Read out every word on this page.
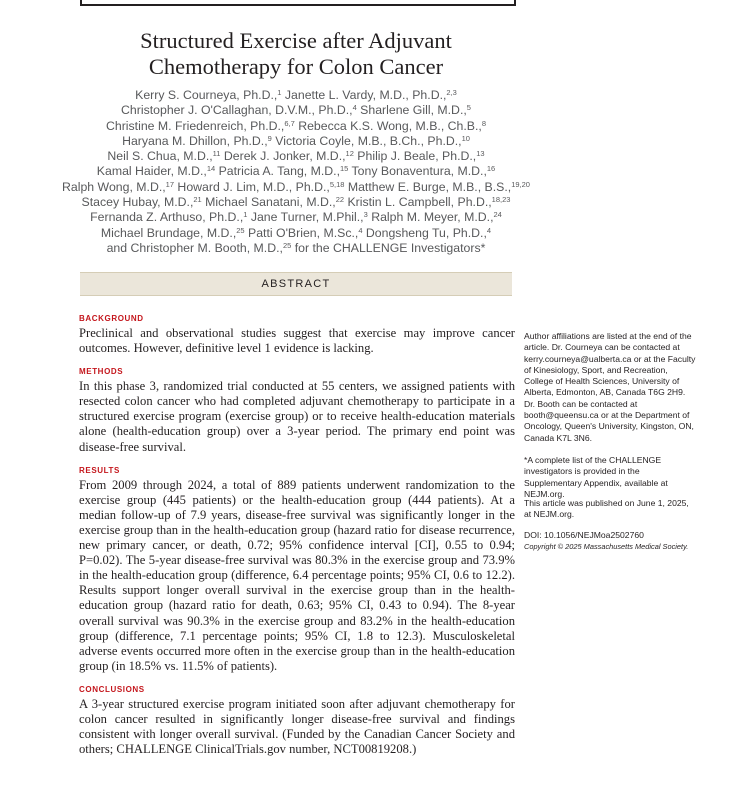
Structured Exercise after Adjuvant
Chemotherapy for Colon Cancer
Kerry S. Courneya, Ph.D.,$^1$ Janette L. Vardy, M.D., Ph.D.,$^{2,3}$
Christopher J. O'Callaghan, D.V.M., Ph.D.,$^4$ Sharlene Gill, M.D.,$^5$
Christine M. Friedenreich, Ph.D.,$^{6,7}$ Rebecca K.S. Wong, M.B., Ch.B.,$^8$
Haryana M. Dhillon, Ph.D.,$^9$ Victoria Coyle, M.B., B.Ch., Ph.D.,$^{10}$
Neil S. Chua, M.D.,$^{11}$ Derek J. Jonker, M.D.,$^{12}$ Philip J. Beale, Ph.D.,$^{13}$
Kamal Haider, M.D.,$^{14}$ Patricia A. Tang, M.D.,$^{15}$ Tony Bonaventura, M.D.,$^{16}$
Ralph Wong, M.D.,$^{17}$ Howard J. Lim, M.D., Ph.D.,$^{5,18}$ Matthew E. Burge, M.B., B.S.,$^{19,20}$
Stacey Hubay, M.D.,$^{21}$ Michael Sanatani, M.D.,$^{22}$ Kristin L. Campbell, Ph.D.,$^{18,23}$
Fernanda Z. Arthuso, Ph.D.,$^1$ Jane Turner, M.Phil.,$^3$ Ralph M. Meyer, M.D.,$^{24}$
Michael Brundage, M.D.,$^{25}$ Patti O'Brien, M.Sc.,$^4$ Dongsheng Tu, Ph.D.,$^4$
and Christopher M. Booth, M.D.,$^{25}$ for the CHALLENGE Investigators*
ABSTRACT
BACKGROUND
Preclinical and observational studies suggest that exercise may improve cancer outcomes. However, definitive level 1 evidence is lacking.
METHODS
In this phase 3, randomized trial conducted at 55 centers, we assigned patients with resected colon cancer who had completed adjuvant chemotherapy to participate in a structured exercise program (exercise group) or to receive health-education materials alone (health-education group) over a 3-year period. The primary end point was disease-free survival.
RESULTS
From 2009 through 2024, a total of 889 patients underwent randomization to the exercise group (445 patients) or the health-education group (444 patients). At a median follow-up of 7.9 years, disease-free survival was significantly longer in the exercise group than in the health-education group (hazard ratio for disease recurrence, new primary cancer, or death, 0.72; 95% confidence interval [CI], 0.55 to 0.94; P=0.02). The 5-year disease-free survival was 80.3% in the exercise group and 73.9% in the health-education group (difference, 6.4 percentage points; 95% CI, 0.6 to 12.2). Results support longer overall survival in the exercise group than in the health-education group (hazard ratio for death, 0.63; 95% CI, 0.43 to 0.94). The 8-year overall survival was 90.3% in the exercise group and 83.2% in the health-education group (difference, 7.1 percentage points; 95% CI, 1.8 to 12.3). Musculoskeletal adverse events occurred more often in the exercise group than in the health-education group (in 18.5% vs. 11.5% of patients).
CONCLUSIONS
A 3-year structured exercise program initiated soon after adjuvant chemotherapy for colon cancer resulted in significantly longer disease-free survival and findings consistent with longer overall survival. (Funded by the Canadian Cancer Society and others; CHALLENGE ClinicalTrials.gov number, NCT00819208.)
Author affiliations are listed at the end of the article. Dr. Courneya can be contacted at kerry.courneya@ualberta.ca or at the Faculty of Kinesiology, Sport, and Recreation, College of Health Sciences, University of Alberta, Edmonton, AB, Canada T6G 2H9. Dr. Booth can be contacted at booth@queensu.ca or at the Department of Oncology, Queen's University, Kingston, ON, Canada K7L 3N6.
*A complete list of the CHALLENGE investigators is provided in the Supplementary Appendix, available at NEJM.org.
This article was published on June 1, 2025, at NEJM.org.
DOI: 10.1056/NEJMoa2502760
Copyright © 2025 Massachusetts Medical Society.
